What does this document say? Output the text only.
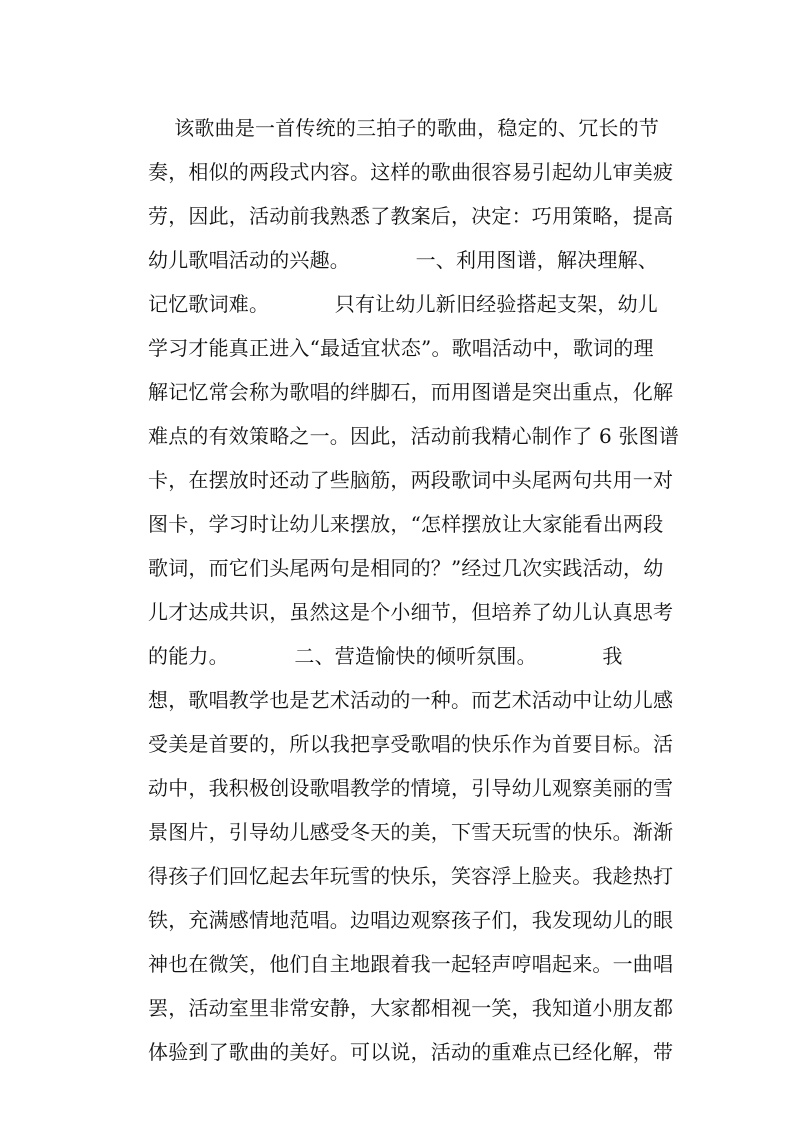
该歌曲是一首传统的三拍子的歌曲，稳定的、冗长的节
奏，相似的两段式内容。这样的歌曲很容易引起幼儿审美疲
劳，因此，活动前我熟悉了教案后，决定：巧用策略，提高
幼儿歌唱活动的兴趣。          一、利用图谱，解决理解、
记忆歌词难。          只有让幼儿新旧经验搭起支架，幼儿
学习才能真正进入“最适宜状态”。歌唱活动中，歌词的理
解记忆常会称为歌唱的绊脚石，而用图谱是突出重点，化解
难点的有效策略之一。因此，活动前我精心制作了 6 张图谱
卡，在摆放时还动了些脑筋，两段歌词中头尾两句共用一对
图卡，学习时让幼儿来摆放，“怎样摆放让大家能看出两段
歌词，而它们头尾两句是相同的？”经过几次实践活动，幼
儿才达成共识，虽然这是个小细节，但培养了幼儿认真思考
的能力。          二、营造愉快的倾听氛围。          我
想，歌唱教学也是艺术活动的一种。而艺术活动中让幼儿感
受美是首要的，所以我把享受歌唱的快乐作为首要目标。活
动中，我积极创设歌唱教学的情境，引导幼儿观察美丽的雪
景图片，引导幼儿感受冬天的美，下雪天玩雪的快乐。渐渐
得孩子们回忆起去年玩雪的快乐，笑容浮上脸夹。我趁热打
铁，充满感情地范唱。边唱边观察孩子们，我发现幼儿的眼
神也在微笑，他们自主地跟着我一起轻声哼唱起来。一曲唱
罢，活动室里非常安静，大家都相视一笑，我知道小朋友都
体验到了歌曲的美好。可以说，活动的重难点已经化解，带
